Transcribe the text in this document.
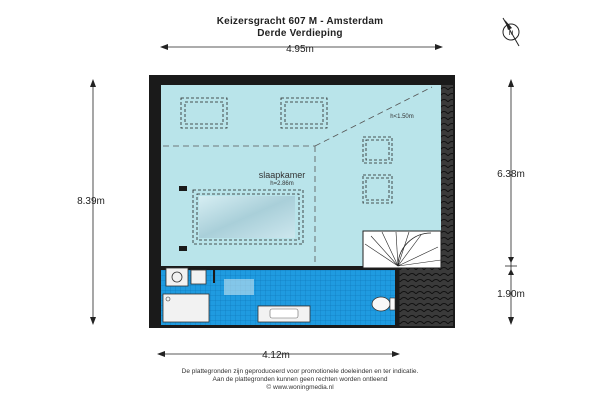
Keizersgracht 607 M - Amsterdam
Derde Verdieping	N
4.95m
8.39m
6.38m
1.90m
4.12m
slaapkamer
h=2.86m
h<1.50m
De plattegronden zijn geproduceerd voor promotionele doeleinden en ter indicatie.
Aan de plattegronden kunnen geen rechten worden ontleend
© www.woningmedia.nl
